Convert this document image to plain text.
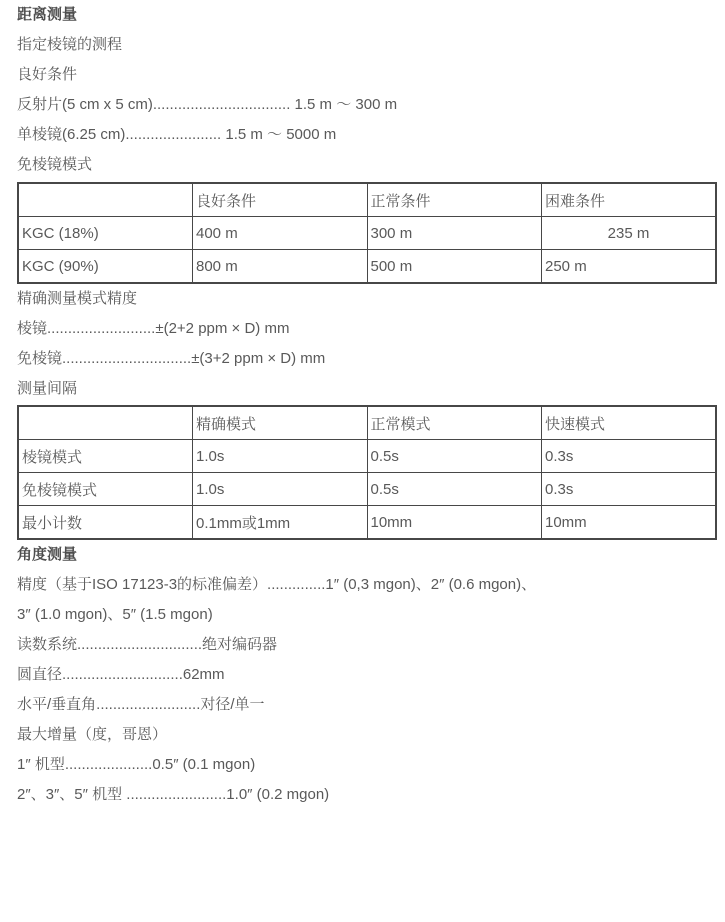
距离测量

指定棱镜的测程

良好条件

反射片(5 cm x 5 cm)................................. 1.5 m ～ 300 m

单棱镜(6.25 cm)....................... 1.5 m ～ 5000 m

免棱镜模式

	良好条件	正常条件	困难条件
KGC (18%)	400 m	300 m	235 m
KGC (90%)	800 m	500 m	250 m

精确测量模式精度

棱镜..........................±(2+2 ppm × D) mm

免棱镜...............................±(3+2 ppm × D) mm

测量间隔

	精确模式	正常模式	快速模式
棱镜模式	1.0s	0.5s	0.3s
免棱镜模式	1.0s	0.5s	0.3s
最小计数	0.1mm或1mm	10mm	10mm

角度测量

精度（基于ISO 17123-3的标准偏差）..............1″ (0,3 mgon)、2″ (0.6 mgon)、

3″ (1.0 mgon)、5″ (1.5 mgon)

读数系统..............................绝对编码器

圆直径.............................62mm

水平/垂直角.........................对径/单一

最大增量（度，哥恩）

1″ 机型.....................0.5″ (0.1 mgon)

2″、3″、5″ 机型 ........................1.0″ (0.2 mgon)
